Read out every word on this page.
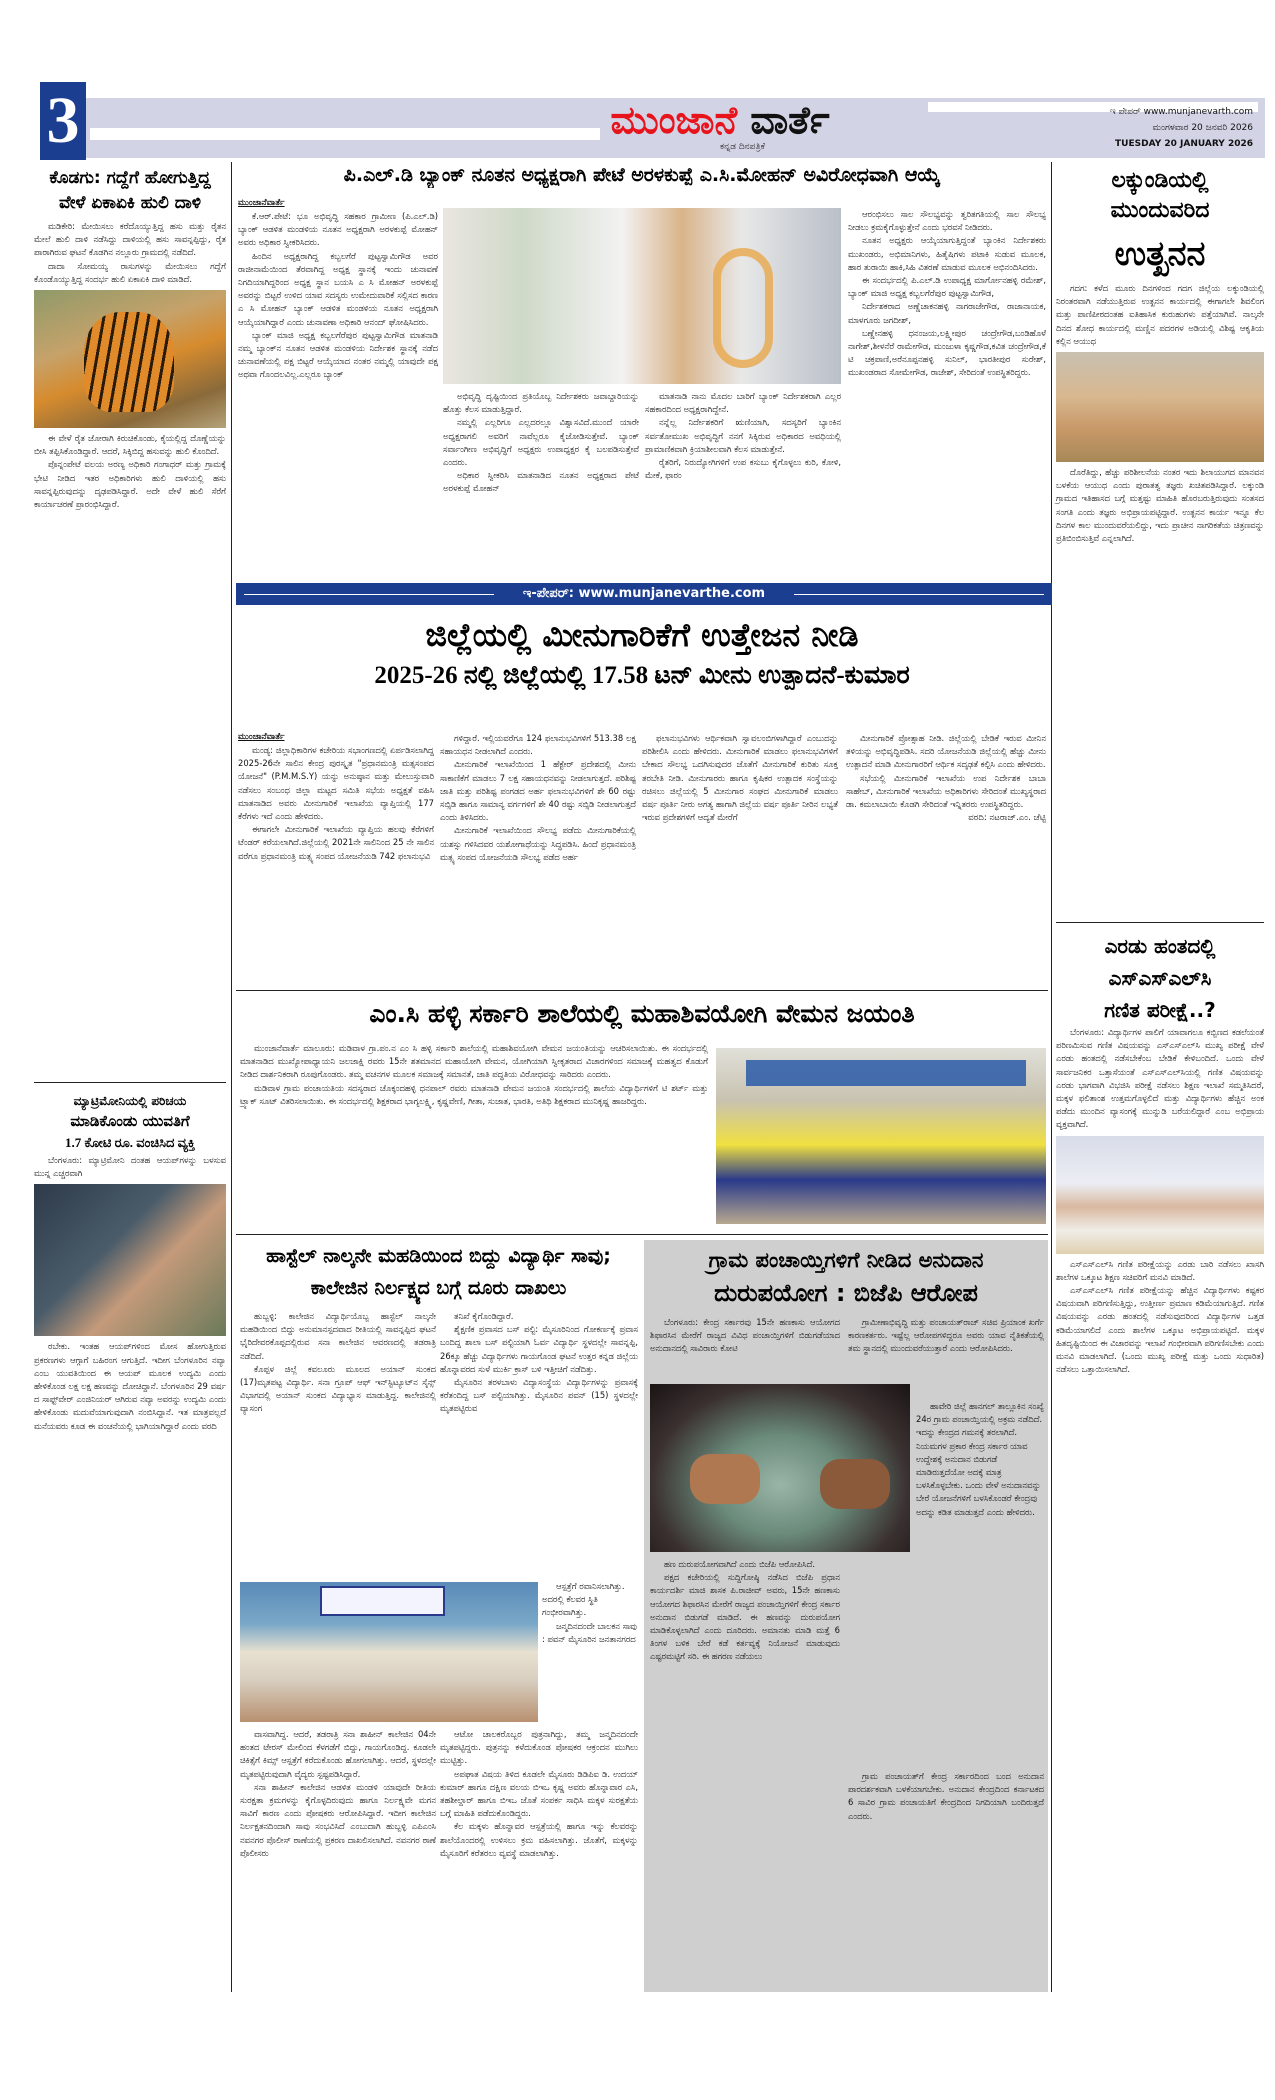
3	ಮುಂಜಾನೆ ವಾರ್ತೆ
ಕನ್ನಡ ದಿನಪತ್ರಿಕೆ
ಇ ಪೇಪರ್ www.munjanevarth.com
ಮಂಗಳವಾರ 20 ಜನವರಿ 2026
TUESDAY 20 JANUARY 2026
ಕೊಡಗು: ಗದ್ದೆಗೆ ಹೋಗುತ್ತಿದ್ದ ವೇಳೆ ಏಕಾಏಕಿ ಹುಲಿ ದಾಳಿ

ಮಡಿಕೇರಿ: ಮೇಯಿಸಲು ಕರೆದೊಯ್ಯುತ್ತಿದ್ದ ಹಸು ಮತ್ತು ರೈತನ ಮೇಲೆ ಹುಲಿ ದಾಳಿ ನಡೆಸಿದ್ದು ದಾಳಿಯಲ್ಲಿ ಹಸು ಸಾವನ್ನಪ್ಪಿದ್ದು, ರೈತ ಪಾರಾಗಿರುವ ಘಟನೆ ಕೊಡಗಿನ ನಲ್ಲೂರು ಗ್ರಾಮದಲ್ಲಿ ನಡೆದಿದೆ.

ದಾದಾ ಸೋಮಯ್ಯ ರಾಸುಗಳನ್ನು ಮೇಯಿಸಲು ಗದ್ದೆಗೆ ಕೊಂಡೊಯ್ಯುತ್ತಿದ್ದ ಸಂದರ್ಭ ಹುಲಿ ಏಕಾಏಕಿ ದಾಳಿ ಮಾಡಿದೆ.

ಈ ವೇಳೆ ರೈತ ಜೋರಾಗಿ ಕಿರುಚಿಕೊಂಡು, ಕೈಯಲ್ಲಿದ್ದ ದೊಣ್ಣೆಯನ್ನು ಬೀಸಿ ತಪ್ಪಿಸಿಕೊಂಡಿದ್ದಾರೆ. ಆದರೆ, ಸಿಕ್ಕಿಬಿದ್ದ ಹಸುವನ್ನು ಹುಲಿ ಕೊಂದಿದೆ.

ಪೊನ್ನಂಪೇಟೆ ವಲಯ ಅರಣ್ಯ ಅಧಿಕಾರಿ ಗಂಗಾಧರ್ ಮತ್ತು ಗ್ರಾಮಕ್ಕೆ ಭೇಟಿ ನೀಡಿದ ಇತರ ಅಧಿಕಾರಿಗಳು ಹುಲಿ ದಾಳಿಯಲ್ಲಿ ಹಸು ಸಾವನ್ನಪ್ಪಿರುವುದನ್ನು ದೃಢಪಡಿಸಿದ್ದಾರೆ. ಅದೇ ವೇಳೆ ಹುಲಿ ಸೆರೆಗೆ ಕಾರ್ಯಾಚರಣೆ ಪ್ರಾರಂಭಿಸಿದ್ದಾರೆ.

ಮ್ಯಾಟ್ರಿಮೋನಿಯಲ್ಲಿ ಪರಿಚಯ
ಮಾಡಿಕೊಂಡು ಯುವತಿಗೆ
1.7 ಕೋಟಿ ರೂ. ವಂಚಿಸಿದ ವ್ಯಕ್ತಿ

ಬೆಂಗಳೂರು: ಮ್ಯಾಟ್ರಿಮೋನಿ ದಂತಹ ಆಯಪ್‌ಗಳನ್ನು ಬಳಸುವ ಮುನ್ನ ಎಚ್ಚರವಾಗಿ

ರಬೇಕು. ಇಂತಹ ಆಯಪ್‌ಗಳಿಂದ ಮೋಸ ಹೋಗುತ್ತಿರುವ ಪ್ರಕರಣಗಳು ಆಗ್ಗಾಗೆ ಬಹಿರಂಗ ಆಗುತ್ತಿದೆ. ಇದೀಗ ಬೆಂಗಳೂರಿನ ನವ್ಯಾ ಎಂಬ ಯುವತಿಯಿಂದ ಈ ಆಯಪ್ ಮೂಲಕ ಉದ್ಯಮಿ ಎಂದು ಹೇಳಿಕೊಂಡ ಲಕ್ಷ ಲಕ್ಷ ಹಣವನ್ನು ದೋಚಿದ್ದಾನೆ. ಬೆಂಗಳೂರಿನ 29 ವರ್ಷ ದ ಸಾಫ್ಟ್‌ವೇರ್ ಎಂಜಿನಿಯರ್ ಆಗಿರುವ ನವ್ಯಾ ಅವರನ್ನು ಉದ್ಯಮಿ ಎಂದು ಹೇಳಿಕೊಂಡು ಮದುವೆಯಾಗುವುದಾಗಿ ನಂಬಿಸಿದ್ದಾನೆ. ಇತ ಮಾತ್ರವಲ್ಲದೆ ಮನೆಯವರು ಕೂಡ ಈ ವಂಚನೆಯಲ್ಲಿ ಭಾಗಿಯಾಗಿದ್ದಾರೆ ಎಂದು ವರದಿ

ಪಿ.ಎಲ್.ಡಿ ಬ್ಯಾಂಕ್ ನೂತನ ಅಧ್ಯಕ್ಷರಾಗಿ ಪೇಟೆ ಅರಳಕುಪ್ಪೆ ಎ.ಸಿ.ಮೋಹನ್ ಅವಿರೋಧವಾಗಿ ಆಯ್ಕೆ
ಮುಂಜಾನೆವಾರ್ತೆ

ಕೆ.ಆರ್.ಪೇಟೆ: ಭೂ ಅಭಿವೃದ್ಧಿ ಸಹಕಾರ ಗ್ರಾಮೀಣ (ಪಿ.ಎಲ್.ಡಿ) ಬ್ಯಾಂಕ್ ಆಡಳಿತ ಮಂಡಳಿಯ ನೂತನ ಅಧ್ಯಕ್ಷರಾಗಿ ಅರಳಕುಪ್ಪೆ ಮೋಹನ್ ಅವರು ಅಧಿಕಾರ ಸ್ವೀಕರಿಸಿದರು.

ಹಿಂದಿನ ಅಧ್ಯಕ್ಷರಾಗಿದ್ದ ಕಬ್ಬಲಗೆರೆ ಪುಟ್ಟಸ್ವಾಮಿಗೌಡ ಅವರ ರಾಜೀನಾಮೆಯಿಂದ ತೆರವಾಗಿದ್ದ ಅಧ್ಯಕ್ಷ ಸ್ಥಾನಕ್ಕೆ ಇಂದು ಚುನಾವಣೆ ನಿಗದಿಯಾಗಿದ್ದರಿಂದ ಅಧ್ಯಕ್ಷ ಸ್ಥಾನ ಬಯಸಿ ಎ ಸಿ ಮೋಹನ್ ಅರಳಕುಪ್ಪೆ ಅವರನ್ನು ಬಿಟ್ಟರೆ ಉಳಿದ ಯಾವ ಸದಸ್ಯರು ಉಮೇದುವಾರಿಕೆ ಸಲ್ಲಿಸದ ಕಾರಣ ಎ ಸಿ ಮೋಹನ್ ಬ್ಯಾಂಕ್ ಆಡಳಿತ ಮಂಡಳಿಯ ನೂತನ ಅಧ್ಯಕ್ಷರಾಗಿ ಆಯ್ಕೆಯಾಗಿದ್ದಾರೆ ಎಂದು ಚುನಾವಣಾ ಅಧಿಕಾರಿ ಆನಂದ್ ಘೋಷಿಸಿದರು.

ಬ್ಯಾಂಕ್ ಮಾಜಿ ಅಧ್ಯಕ್ಷ ಕಬ್ಬಲಗೆರೆಪುರ ಪುಟ್ಟಸ್ವಾಮಿಗೌಡ ಮಾತನಾಡಿ ನಮ್ಮ ಬ್ಯಾಂಕ್‌ನ ನೂತನ ಆಡಳಿತ ಮಂಡಳಿಯ ನಿರ್ದೇಶಕ ಸ್ಥಾನಕ್ಕೆ ನಡೆದ ಚುನಾವಣೆಯಲ್ಲಿ ಪಕ್ಷ ಬಿಟ್ಟರೆ ಆಯ್ಕೆಯಾದ ನಂತರ ನಮ್ಮಲ್ಲಿ ಯಾವುದೇ ಪಕ್ಷ ಅಥವಾ ಗೊಂದಲವಿಲ್ಲ.ಎಲ್ಲರೂ ಬ್ಯಾಂಕ್

ಅಭಿವೃದ್ಧಿ ದೃಷ್ಟಿಯಿಂದ ಪ್ರತಿಯೊಬ್ಬ ನಿರ್ದೇಶಕರು ಜವಾಬ್ದಾರಿಯನ್ನು ಹೊತ್ತು ಕೆಲಸ ಮಾಡುತ್ತಿದ್ದಾರೆ.

ನಮ್ಮಲ್ಲಿ ಎಲ್ಲರಿಗೂ ಎಲ್ಲದರಲ್ಲೂ ವಿಶ್ವಾಸವಿದೆ.ಮುಂದೆ ಯಾರೇ ಅಧ್ಯಕ್ಷರಾಗಲಿ ಅವರಿಗೆ ನಾವೆಲ್ಲರೂ ಕೈಜೋಡಿಸುತ್ತೇವೆ. ಬ್ಯಾಂಕ್ ಸರ್ವಾಂಗೀಣ ಅಭಿವೃದ್ಧಿಗೆ ಅಧ್ಯಕ್ಷರು ಉಪಾಧ್ಯಕ್ಷರ ಕೈ ಬಲಪಡಿಸುತ್ತೇವೆ ಎಂದರು.

ಅಧಿಕಾರ ಸ್ವೀಕರಿಸಿ ಮಾತನಾಡಿದ ನೂತನ ಅಧ್ಯಕ್ಷರಾದ ಪೇಟೆ ಅರಳಕುಪ್ಪೆ ಮೋಹನ್

ಮಾತನಾಡಿ ನಾನು ಮೊದಲ ಬಾರಿಗೆ ಬ್ಯಾಂಕ್ ನಿರ್ದೇಶಕರಾಗಿ ಎಲ್ಲರ ಸಹಕಾರದಿಂದ ಅಧ್ಯಕ್ಷರಾಗಿದ್ದೇನೆ.

ನನ್ನೆಲ್ಲ ನಿರ್ದೇಶಕರಿಗೆ ಋಣಿಯಾಗಿ, ಸದಸ್ಯರಿಗೆ ಬ್ಯಾಂಕಿನ ಸರ್ವತೋಮುಖ ಅಭಿವೃದ್ಧಿಗೆ ನನಗೆ ಸಿಕ್ಕಿರುವ ಅಧಿಕಾರದ ಅವಧಿಯಲ್ಲಿ ಪ್ರಾಮಾಣಿಕವಾಗಿ ಕ್ರಿಯಾಶೀಲವಾಗಿ ಕೆಲಸ ಮಾಡುತ್ತೇನೆ.

ರೈತರಿಗೆ, ನಿರುದ್ಯೋಗಿಗಳಿಗೆ ಉಪ ಕಸುಬು ಕೈಗೊಳ್ಳಲು ಕುರಿ, ಕೋಳಿ, ಮೇಕೆ, ಫಾರಂ

ಆರಂಭಿಸಲು ಸಾಲ ಸೌಲಭ್ಯವನ್ನು ತ್ವರಿತಗತಿಯಲ್ಲಿ ಸಾಲ ಸೌಲಭ್ಯ ನೀಡಲು ಕ್ರಮಕೈಗೊಳ್ಳುತ್ತೇನೆ ಎಂದು ಭರವಸೆ ನೀಡಿದರು.

ನೂತನ ಅಧ್ಯಕ್ಷರು ಆಯ್ಕೆಯಾಗುತ್ತಿದ್ದಂತೆ ಬ್ಯಾಂಕಿನ ನಿರ್ದೇಶಕರು ಮುಖಂಡರು, ಅಭಿಮಾನಿಗಳು, ಹಿತೈಷಿಗಳು ಪಟಾಕಿ ಸುಡುವ ಮೂಲಕ, ಹಾರ ತುರಾಯಿ ಹಾಕಿ,ಸಿಹಿ ವಿತರಣೆ ಮಾಡುವ ಮೂಲಕ ಅಭಿನಂದಿಸಿದರು.

ಈ ಸಂದರ್ಭದಲ್ಲಿ ಪಿ.ಎಲ್.ಡಿ ಉಪಾಧ್ಯಕ್ಷ ಮಾರ್ಗೋನಹಳ್ಳಿ ರಮೇಶ್, ಬ್ಯಾಂಕ್ ಮಾಜಿ ಅಧ್ಯಕ್ಷ ಕಬ್ಬಲಗೆರೆಪುರ ಪುಟ್ಟಸ್ವಾಮಿಗೌಡ,

ನಿರ್ದೇಶಕರಾದ ಅಣ್ಣೆಚಾಕನಹಳ್ಳಿ ನಾಗರಾಜೇಗೌಡ, ರಾಜಾನಾಯಕ, ಮಾಳಗೂರು ಜಗದೀಶ್,

ಬಣ್ಣೇನಹಳ್ಳಿ ಧನಂಜಯ,ಲಕ್ಷ್ಮೀಪುರ ಚಂದ್ರೇಗೌಡ,ಬಂಡಿಹೊಳೆ ನಾಗೇಶ್,ಶೀಳನೆರೆ ರಾಮೇಗೌಡ, ಮಂಜುಳಾ ಕೃಷ್ಣಗೌಡ,ಕವಿತ ಚಂದ್ರೇಗೌಡ,ಕೆ ಟಿ ಚಕ್ರಪಾಣಿ,ಅರೆನೂಪ್ಪನಹಳ್ಳಿ ಸುನಿಲ್, ಭಾರತೀಪುರ ಸುರೇಶ್, ಮುಖಂಡರಾದ ಸೋಮೇಗೌಡ, ರಾಜೇಶ್, ಸೇರಿದಂತೆ ಉಪಸ್ಥಿತರಿದ್ದರು.

ಇ-ಪೇಪರ್: www.munjanevarthe.com
ಜಿಲ್ಲೆಯಲ್ಲಿ ಮೀನುಗಾರಿಕೆಗೆ ಉತ್ತೇಜನ ನೀಡಿ
2025-26 ನಲ್ಲಿ ಜಿಲ್ಲೆಯಲ್ಲಿ 17.58 ಟನ್ ಮೀನು ಉತ್ಪಾದನೆ-ಕುಮಾರ
ಮುಂಜಾನೆವಾರ್ತೆ

ಮಂಡ್ಯ: ಜಿಲ್ಲಾಧಿಕಾರಿಗಳ ಕಚೇರಿಯ ಸಭಾಂಗಣದಲ್ಲಿ ಏರ್ಪಡಿಸಲಾಗಿದ್ದ 2025-26ನೇ ಸಾಲಿನ ಕೇಂದ್ರ ಪುರಸ್ಕೃತ "ಪ್ರಧಾನಮಂತ್ರಿ ಮತ್ಸಸಂಪದ ಯೋಜನೆ" (P.M.M.S.Y) ಯನ್ನು ಅನುಷ್ಠಾನ ಮತ್ತು ಮೇಲುಸ್ತುವಾರಿ ನಡೆಸಲು ಸಂಬಂಧ ಜಿಲ್ಲಾ ಮಟ್ಟದ ಸಮಿತಿ ಸಭೆಯ ಅಧ್ಯಕ್ಷತೆ ವಹಿಸಿ ಮಾತನಾಡಿದ ಅವರು ಮೀನುಗಾರಿಕೆ ಇಲಾಖೆಯ ವ್ಯಾಪ್ತಿಯಲ್ಲಿ 177 ಕೆರೆಗಳು ಇದೆ ಎಂದು ಹೇಳಿದರು.

ಈಗಾಗಲೇ ಮೀನುಗಾರಿಕೆ ಇಲಾಖೆಯ ವ್ಯಾಪ್ತಿಯ ಹಲವು ಕೆರೆಗಳಿಗೆ ಟೆಂಡರ್ ಕರೆಯಲಾಗಿದೆ.ಜಿಲ್ಲೆಯಲ್ಲಿ 2021ನೇ ಸಾಲಿನಿಂದ 25 ನೇ ಸಾಲಿನ ವರೆಗೂ ಪ್ರಧಾನಮಂತ್ರಿ ಮತ್ಸ್ಯ ಸಂಪದ ಯೋಜನೆಯಡಿ 742 ಫಲಾನುಭವಿ

ಗಳಿದ್ದಾರೆ. ಇಲ್ಲಿಯವರೆಗೂ 124 ಫಲಾನುಭವಿಗಳಿಗೆ 513.38 ಲಕ್ಷ ಸಹಾಯಧನ ನೀಡಲಾಗಿದೆ ಎಂದರು.

ಮೀನುಗಾರಿಕೆ ಇಲಾಖೆಯಿಂದ 1 ಹೆಕ್ಟೇರ್ ಪ್ರದೇಶದಲ್ಲಿ ಮೀನು ಸಾಕಾಣಿಕೆಗೆ ಮಾಡಲು 7 ಲಕ್ಷ ಸಹಾಯಧನವನ್ನು ನೀಡಲಾಗುತ್ತದೆ. ಪರಿಶಿಷ್ಟ ಜಾತಿ ಮತ್ತು ಪರಿಶಿಷ್ಟ ಪಂಗಡದ ಅರ್ಹ ಫಲಾನುಭವಿಗಳಿಗೆ ಶೇ 60 ರಷ್ಟು ಸಬ್ಸಿಡಿ ಹಾಗೂ ಸಾಮಾನ್ಯ ವರ್ಗಗಳಿಗೆ ಶೇ 40 ರಷ್ಟು ಸಬ್ಸಿಡಿ ನೀಡಲಾಗುತ್ತದೆ ಎಂದು ತಿಳಿಸಿದರು.

ಮೀನುಗಾರಿಕೆ ಇಲಾಖೆಯಿಂದ ಸೌಲಭ್ಯ ಪಡೆದು ಮೀನುಗಾರಿಕೆಯಲ್ಲಿ ಯಶಸ್ಸು ಗಳಿಸಿದವರ ಯಶೋಗಾಥೆಯನ್ನು ಸಿದ್ಧಪಡಿಸಿ. ಹಿಂದೆ ಪ್ರಧಾನಮಂತ್ರಿ ಮತ್ಸ್ಯ ಸಂಪದ ಯೋಜನೆಯಡಿ ಸೌಲಭ್ಯ ಪಡೆದ ಅರ್ಹ

ಫಲಾನುಭವಿಗಳು ಆರ್ಥಿಕವಾಗಿ ಸ್ವಾವಲಂಬಿಗಳಾಗಿದ್ದಾರೆ ಎಂಬುದನ್ನು ಪರಿಶೀಲಿಸಿ ಎಂದು ಹೇಳಿದರು. ಮೀನುಗಾರಿಕೆ ಮಾಡಲು ಫಲಾನುಭವಿಗಳಿಗೆ ಬೇಕಾದ ಸೌಲಭ್ಯ ಒದಗಿಸುವುದರ ಜೊತೆಗೆ ಮೀನುಗಾರಿಕೆ ಕುರಿತು ಸೂಕ್ತ ತರಬೇತಿ ನೀಡಿ. ಮೀನುಗಾರರು ಹಾಗೂ ಕೃಷಿಕರ ಉತ್ಪಾದಕ ಸಂಸ್ಥೆಯನ್ನು ರಚಿಸಲು ಜಿಲ್ಲೆಯಲ್ಲಿ 5 ಮೀನುಗಾರ ಸಂಘದ ಮೀನುಗಾರಿಕೆ ಮಾಡಲು ವರ್ಷ ಪೂರ್ತಿ ನೀರು ಅಗತ್ಯ ಹಾಗಾಗಿ ಜಿಲ್ಲೆಯ ವರ್ಷ ಪೂರ್ತಿ ನೀರಿನ ಲಭ್ಯತೆ ಇರುವ ಪ್ರದೇಶಗಳಿಗೆ ಆದ್ಯತೆ ಮೇರೆಗೆ

ಮೀನುಗಾರಿಕೆ ಪ್ರೋತ್ಸಾಹ ನೀಡಿ. ಜಿಲ್ಲೆಯಲ್ಲಿ ಬೇಡಿಕೆ ಇರುವ ಮೀನಿನ ತಳಿಯನ್ನು ಅಭಿವೃದ್ಧಿಪಡಿಸಿ. ಸದರಿ ಯೋಜನೆಯಡಿ ಜಿಲ್ಲೆಯಲ್ಲಿ ಹೆಚ್ಚು ಮೀನು ಉತ್ಪಾದನೆ ಮಾಡಿ ಮೀನುಗಾರರಿಗೆ ಆರ್ಥಿಕ ಸದೃಢತೆ ಕಲ್ಪಿಸಿ ಎಂದು ಹೇಳಿದರು.

ಸಭೆಯಲ್ಲಿ ಮೀನುಗಾರಿಕೆ ಇಲಾಖೆಯ ಉಪ ನಿರ್ದೇಶಕ ಬಾಬಾ ಸಾಹೇಬ್, ಮೀನುಗಾರಿಕೆ ಇಲಾಖೆಯ ಅಧಿಕಾರಿಗಳು ಸೇರಿದಂತೆ ಮುಖ್ಯಸ್ಥರಾದ ಡಾ. ಕಮಲಾಬಾಯಿ ಕೊಡಗಿ ಸೇರಿದಂತೆ ಇನ್ನಿತರರು ಉಪಸ್ಥಿತರಿದ್ದರು.

ವರದಿ: ನಟರಾಜ್.ಎಂ. ಚೆಟ್ಟಿ

ಎಂ.ಸಿ ಹಳ್ಳಿ ಸರ್ಕಾರಿ ಶಾಲೆಯಲ್ಲಿ ಮಹಾಶಿವಯೋಗಿ ವೇಮನ ಜಯಂತಿ

ಮುಂಜಾನೆವಾರ್ತೆ ಮಾಲೂರು: ಮಡಿವಾಳ ಗ್ರಾ.ಪಂ.ನ ಎಂ ಸಿ ಹಳ್ಳಿ ಸರ್ಕಾರಿ ಶಾಲೆಯಲ್ಲಿ ಮಹಾಶಿವಯೋಗಿ ವೇಮನ ಜಯಂತಿಯನ್ನು ಆಚರಿಸಲಾಯಿತು. ಈ ಸಂದರ್ಭದಲ್ಲಿ ಮಾತನಾಡಿದ ಮುಖ್ಯೋಪಾಧ್ಯಾಯನಿ ಜಲಜಾಕ್ಷಿ ರವರು 15ನೇ ಶತಮಾನದ ಮಹಾಯೋಗಿ ವೇಮನ, ಯೋಗಿಯಾಗಿ ಸ್ವೀಕೃತರಾದ ವಿಚಾರಗಳಿಂದ ಸಮಾಜಕ್ಕೆ ಮಹತ್ವದ ಕೊಡುಗೆ ನೀಡಿದ ದಾರ್ಶನಿಕರಾಗಿ ರೂಪುಗೊಂಡರು. ತಮ್ಮ ವಚನಗಳ ಮೂಲಕ ಸಮಾಜಕ್ಕೆ ಸಮಾನತೆ, ಜಾತಿ ಪದ್ಧತಿಯ ವಿರೋಧವನ್ನು ಸಾರಿದರು ಎಂದರು.

ಮಡಿವಾಳ ಗ್ರಾಮ ಪಂಚಾಯತಿಯ ಸದಸ್ಯರಾದ ಚೊಕ್ಕಂದಹಳ್ಳಿ ಧನಪಾಲ್ ರವರು ಮಾತನಾಡಿ ವೇಮನ ಜಯಂತಿ ಸಂದರ್ಭದಲ್ಲಿ ಶಾಲೆಯ ವಿದ್ಯಾರ್ಥಿಗಳಿಗೆ ಟಿ ಶರ್ಟ್ ಮತ್ತು ಟ್ರ್ಯಾಕ್ ಸೂಟ್ ವಿತರಿಸಲಾಯಿತು. ಈ ಸಂದರ್ಭದಲ್ಲಿ ಶಿಕ್ಷಕರಾದ ಭಾಗ್ಯಲಕ್ಷ್ಮಿ, ಕೃಷ್ಣವೇಣಿ, ಗೀತಾ, ಸುಜಾತ, ಭಾರತಿ, ಅತಿಥಿ ಶಿಕ್ಷಕರಾದ ಮುನಿಕೃಷ್ಣ ಹಾಜರಿದ್ದರು.

ಹಾಸ್ಟೆಲ್ ನಾಲ್ಕನೇ ಮಹಡಿಯಿಂದ ಬಿದ್ದು ವಿದ್ಯಾರ್ಥಿ ಸಾವು; ಕಾಲೇಜಿನ ನಿರ್ಲಕ್ಷ್ಯದ ಬಗ್ಗೆ ದೂರು ದಾಖಲು

ಹುಬ್ಬಳ್ಳಿ: ಕಾಲೇಜಿನ ವಿದ್ಯಾರ್ಥಿಯೊಬ್ಬ ಹಾಸ್ಟೆಲ್ ನಾಲ್ಕನೇ ಮಹಡಿಯಿಂದ ಬಿದ್ದು ಅನುಮಾನಸ್ಪದವಾದ ರೀತಿಯಲ್ಲಿ ಸಾವನ್ನಪ್ಪಿದ ಘಟನೆ ಭೈರಿದೇವರಕೊಪ್ಪದಲ್ಲಿರುವ ಸನಾ ಕಾಲೇಜಿನ ಆವರಣದಲ್ಲಿ ತಡರಾತ್ರಿ ನಡೆದಿದೆ.

ಕೊಪ್ಪಳ ಜಿಲ್ಲೆ ಕವಲೂರು ಮೂಲದ ಅಯಾನ್ ಸುಂಕದ (17)ಮೃತಪಟ್ಟ ವಿದ್ಯಾರ್ಥಿ. ಸನಾ ಗ್ರೂಪ್ ಆಫ್ ಇನ್‌ಸ್ಟಿಟ್ಯೂಟ್‌ನ ಸೈನ್ಸ್ ವಿಭಾಗದಲ್ಲಿ ಅಯಾನ್ ಸುಂಕದ ವಿದ್ಯಾಭ್ಯಾಸ ಮಾಡುತ್ತಿದ್ದ. ಕಾಲೇಜಿನಲ್ಲಿ ವ್ಯಾಸಂಗ

ತನಿಖೆ ಕೈಗೊಂಡಿದ್ದಾರೆ.

ಶೈಕ್ಷಣಿಕ ಪ್ರವಾಸದ ಬಸ್ ಪಲ್ಟಿ: ಮೈಸೂರಿನಿಂದ ಗೋಕರ್ಣಕ್ಕೆ ಪ್ರವಾಸ ಬಂದಿದ್ದ ಶಾಲಾ ಬಸ್ ಪಲ್ಟಿಯಾಗಿ ಓರ್ವ ವಿದ್ಯಾರ್ಥಿ ಸ್ಥಳದಲ್ಲೇ ಸಾವನ್ನಪ್ಪಿ, 26ಕ್ಕೂ ಹೆಚ್ಚು ವಿದ್ಯಾರ್ಥಿಗಳು ಗಾಯಗೊಂಡ ಘಟನೆ ಉತ್ತರ ಕನ್ನಡ ಜಿಲ್ಲೆಯ ಹೊನ್ನಾವರದ ಸುಳೆ ಮುರ್ಕಿ ಕ್ರಾಸ್ ಬಳಿ ಇತ್ತೀಚಿಗೆ ನಡೆದಿತ್ತು.

ಮೈಸೂರಿನ ತರಳಬಾಳು ವಿದ್ಯಾಸಂಸ್ಥೆಯ ವಿದ್ಯಾರ್ಥಿಗಳನ್ನು ಪ್ರವಾಸಕ್ಕೆ ಕರೆತಂದಿದ್ದ ಬಸ್ ಪಲ್ಟಿಯಾಗಿತ್ತು. ಮೈಸೂರಿನ ಪವನ್ (15) ಸ್ಥಳದಲ್ಲೇ ಮೃತಪಟ್ಟಿರುವ

ಆಸ್ಪತ್ರೆಗೆ ರವಾನಿಸಲಾಗಿತ್ತು. ಅದರಲ್ಲಿ ಕೆಲವರ ಸ್ಥಿತಿ ಗಂಭೀರವಾಗಿತ್ತು.

ಜನ್ಮದಿನದಂದೇ ಬಾಲಕನ ಸಾವು : ಪವನ್ ಮೈಸೂರಿನ ಜನತಾನಗರದ

ವಾಸವಾಗಿದ್ದ. ಆದರೆ, ತಡರಾತ್ರಿ ಸನಾ ಶಾಹೀನ್ ಕಾಲೇಜಿನ 04ನೇ ಹಂತದ ಟೇರಸ್ ಮೇಲಿಂದ ಕೆಳಗಡೆಗೆ ಬಿದ್ದು, ಗಾಯಗೊಂಡಿದ್ದ. ಕೂಡಲೇ ಚಿಕಿತ್ಸೆಗೆ ಕಿಮ್ಸ್ ಆಸ್ಪತ್ರೆಗೆ ಕರೆದುಕೊಂಡು ಹೋಗಲಾಗಿತ್ತು. ಆದರೆ, ಸ್ಥಳದಲ್ಲೇ ಮೃತಪಟ್ಟಿರುವುದಾಗಿ ವೈದ್ಯರು ಸ್ಪಷ್ಟಪಡಿಸಿದ್ದಾರೆ.

ಸನಾ ಶಾಹೀನ್ ಕಾಲೇಜಿನ ಆಡಳಿತ ಮಂಡಳಿ ಯಾವುದೇ ರೀತಿಯ ಸುರಕ್ಷತಾ ಕ್ರಮಗಳನ್ನು ಕೈಗೊಳ್ಳದಿರುವುದು ಹಾಗೂ ನಿರ್ಲಕ್ಷ್ಯವೇ ಮಗನ ಸಾವಿಗೆ ಕಾರಣ ಎಂದು ಪೋಷಕರು ಆರೋಪಿಸಿದ್ದಾರೆ. ಇದೀಗ ಕಾಲೇಜಿನ ನಿರ್ಲಕ್ಷತನದಿಂದಾಗಿ ಸಾವು ಸಂಭವಿಸಿದೆ ಎಂಬುದಾಗಿ ಹುಬ್ಬಳ್ಳಿ ಎಪಿಎಂಸಿ ನವನಗರ ಪೊಲೀಸ್ ಠಾಣೆಯಲ್ಲಿ ಪ್ರಕರಣ ದಾಖಲಿಸಲಾಗಿದೆ. ನವನಗರ ಠಾಣೆ ಪೊಲೀಸರು

ಆಟೋ ಚಾಲಕರೊಬ್ಬರ ಪುತ್ರನಾಗಿದ್ದು, ತಮ್ಮ ಜನ್ಮದಿನದಂದೇ ಮೃತಪಟ್ಟಿದ್ದರು. ಪುತ್ರನನ್ನು ಕಳೆದುಕೊಂಡ ಪೋಷಕರ ಆಕ್ರಂದನ ಮುಗಿಲು ಮುಟ್ಟಿತ್ತು.

ಅಪಘಾತ ವಿಷಯ ತಿಳಿದ ಕೂಡಲೇ ಮೈಸೂರು ಡಿಡಿಪಿಐ ಡಿ. ಉದಯ್ ಕುಮಾರ್ ಹಾಗೂ ದಕ್ಷಿಣ ವಲಯ ಬಿಇಒ ಕೃಷ್ಣ ಅವರು ಹೊನ್ನಾವಾರ ಎಸಿ, ತಹಶೀಲ್ದಾರ್ ಹಾಗೂ ಬಿಇಒ ಜೊತೆ ಸಂಪರ್ಕ ಸಾಧಿಸಿ ಮಕ್ಕಳ ಸುರಕ್ಷತೆಯ ಬಗ್ಗೆ ಮಾಹಿತಿ ಪಡೆದುಕೊಂಡಿದ್ದರು.

ಕೆಲ ಮಕ್ಕಳು ಹೊನ್ನಾವರ ಆಸ್ಪತ್ರೆಯಲ್ಲಿ ಹಾಗೂ ಇನ್ನು ಕೆಲವರನ್ನು ಶಾಲೆಯೊಂದರಲ್ಲಿ ಉಳಿಸಲು ಕ್ರಮ ವಹಿಸಲಾಗಿತ್ತು. ಜೊತೆಗೆ, ಮಕ್ಕಳನ್ನು ಮೈಸೂರಿಗೆ ಕರೆತರಲು ವ್ಯವಸ್ಥೆ ಮಾಡಲಾಗಿತ್ತು.

ಗ್ರಾಮ ಪಂಚಾಯ್ತಿಗಳಿಗೆ ನೀಡಿದ ಅನುದಾನ
ದುರುಪಯೋಗ : ಬಿಜೆಪಿ ಆರೋಪ

ಬೆಂಗಳೂರು: ಕೇಂದ್ರ ಸರ್ಕಾರವು 15ನೇ ಹಣಕಾಸು ಆಯೋಗದ ಶಿಫಾರಸಿನ ಮೇರೆಗೆ ರಾಜ್ಯದ ವಿವಿಧ ಪಂಚಾಯ್ತಿಗಳಿಗೆ ಬಿಡುಗಡೆಯಾದ ಅನುದಾನದಲ್ಲಿ ಸಾವಿರಾರು ಕೋಟಿ

ಹಣ ದುರುಪಯೋಗವಾಗಿದೆ ಎಂದು ಬಿಜೆಪಿ ಆರೋಪಿಸಿದೆ.

ಪಕ್ಷದ ಕಚೇರಿಯಲ್ಲಿ ಸುದ್ದಿಗೋಷ್ಠಿ ನಡೆಸಿದ ಬಿಜೆಪಿ ಪ್ರಧಾನ ಕಾರ್ಯದರ್ಶಿ ಮಾಜಿ ಶಾಸಕ ಪಿ.ರಾಜೀವ್ ಅವರು, 15ನೇ ಹಣಕಾಸು ಆಯೋಗದ ಶಿಫಾರಸಿನ ಮೇರೆಗೆ ರಾಜ್ಯದ ಪಂಚಾಯ್ತಿಗಳಿಗೆ ಕೇಂದ್ರ ಸರ್ಕಾರ ಅನುದಾನ ಬಿಡುಗಡೆ ಮಾಡಿದೆ. ಈ ಹಣವನ್ನು ದುರುಪಯೋಗ ಮಾಡಿಕೊಳ್ಳಲಾಗಿದೆ ಎಂದು ದೂರಿದರು. ಅಮಾನತು ಮಾಡಿ ಮತ್ತೆ 6 ತಿಂಗಳ ಬಳಿಕ ಬೇರೆ ಕಡೆ ಕರ್ತವ್ಯಕ್ಕೆ ನಿಯೋಜನೆ ಮಾಡುವುದು ಎಷ್ಟರಮಟ್ಟಿಗೆ ಸರಿ. ಈ ಹಗರಣ ನಡೆಯಲು

ಗ್ರಾಮೀಣಾಭಿವೃದ್ಧಿ ಮತ್ತು ಪಂಚಾಯತ್‌ರಾಜ್ ಸಚಿವ ಪ್ರಿಯಾಂಕ ಖರ್ಗೆ ಕಾರಣಕರ್ತರು. ಇಷ್ಟೆಲ್ಲ ಆರೋಪಗಳಿದ್ದರೂ ಅವರು ಯಾವ ನೈತಿಕತೆಯಲ್ಲಿ ತಮ ಸ್ಥಾನದಲ್ಲಿ ಮುಂದುವರೆಯುತ್ತಾರೆ ಎಂದು ಆರೋಪಿಸಿದರು.

ಹಾವೇರಿ ಜಿಲ್ಲೆ ಹಾನಗಲ್ ತಾಲ್ಲೂಕಿನ ಸಂಖ್ಯೆ 24ರ ಗ್ರಾಮ ಪಂಚಾಯ್ತಿಯಲ್ಲಿ ಅಕ್ರಮ ನಡೆದಿದೆ. ಇದನ್ನು ಕೇಂದ್ರದ ಗಮನಕ್ಕೆ ತರಲಾಗಿದೆ. ನಿಯಮಗಳ ಪ್ರಕಾರ ಕೇಂದ್ರ ಸರ್ಕಾರ ಯಾವ ಉದ್ದೇಶಕ್ಕೆ ಅನುದಾನ ಬಿಡುಗಡೆ ಮಾಡಿರುತ್ತದೆಯೋ ಅದಕ್ಕೆ ಮಾತ್ರ ಬಳಸಿಕೊಳ್ಳಬೇಕು. ಒಂದು ವೇಳೆ ಅನುದಾನವನ್ನು ಬೇರೆ ಯೋಜನೆಗಳಿಗೆ ಬಳಸಿಕೊಂಡರೆ ಕೇಂದ್ರವು ಅದನ್ನು ಕಡಿತ ಮಾಡುತ್ತದೆ ಎಂದು ಹೇಳಿದರು.

ಗ್ರಾಮ ಪಂಚಾಯತ್‌ಗೆ ಕೇಂದ್ರ ಸರ್ಕಾರದಿಂದ ಬಂದ ಅನುದಾನ ಪಾರದರ್ಶಕವಾಗಿ ಬಳಕೆಯಾಗಬೇಕು. ಅನುದಾನ ಕೇಂದ್ರದಿಂದ ಕರ್ನಾಟಕದ 6 ಸಾವಿರ ಗ್ರಾಮ ಪಂಚಾಯತಿಗೆ ಕೇಂದ್ರದಿಂದ ನಿಗದಿಯಾಗಿ ಬಂದಿರುತ್ತದೆ ಎಂದರು.

ಲಕ್ಕುಂಡಿಯಲ್ಲಿ
ಮುಂದುವರಿದ
ಉತ್ಖನನ

ಗದಗ: ಕಳೆದ ಮೂರು ದಿನಗಳಿಂದ ಗದಗ ಜಿಲ್ಲೆಯ ಲಕ್ಕುಂಡಿಯಲ್ಲಿ ನಿರಂತರವಾಗಿ ನಡೆಯುತ್ತಿರುವ ಉತ್ಖನನ ಕಾರ್ಯದಲ್ಲಿ ಈಗಾಗಲೇ ಶಿವಲಿಂಗ ಮತ್ತು ಪಾಣಿಪೀಠದಂತಹ ಐತಿಹಾಸಿಕ ಕುರುಹುಗಳು ಪತ್ತೆಯಾಗಿವೆ. ನಾಲ್ಕನೇ ದಿನದ ಶೋಧ ಕಾರ್ಯದಲ್ಲಿ ಮಣ್ಣಿನ ಪದರಗಳ ಅಡಿಯಲ್ಲಿ ವಿಶಿಷ್ಟ ಆಕೃತಿಯ ಕಲ್ಲಿನ ಆಯುಧ

ದೊರೆತಿದ್ದು, ಹೆಚ್ಚು ಪರಿಶೀಲನೆಯ ನಂತರ ಇದು ಶಿಲಾಯುಗದ ಮಾನವನ ಬಳಕೆಯ ಆಯುಧ ಎಂದು ಪುರಾತತ್ವ ತಜ್ಞರು ಖಚಿತಪಡಿಸಿದ್ದಾರೆ. ಲಕ್ಕುಂಡಿ ಗ್ರಾಮದ ಇತಿಹಾಸದ ಬಗ್ಗೆ ಮತ್ತಷ್ಟು ಮಾಹಿತಿ ಹೊರಬರುತ್ತಿರುವುದು ಸಂತಸದ ಸಂಗತಿ ಎಂದು ತಜ್ಞರು ಅಭಿಪ್ರಾಯಪಟ್ಟಿದ್ದಾರೆ. ಉತ್ಖನನ ಕಾರ್ಯ ಇನ್ನೂ ಕೆಲ ದಿನಗಳ ಕಾಲ ಮುಂದುವರೆಯಲಿದ್ದು, ಇದು ಪ್ರಾಚೀನ ನಾಗರಿಕತೆಯ ಚಿತ್ರಣವನ್ನು ಪ್ರತಿಬಿಂಬಿಸುತ್ತಿವೆ ಎನ್ನಲಾಗಿದೆ.

ಎರಡು ಹಂತದಲ್ಲಿ
ಎಸ್‌ಎಸ್‌ಎಲ್‌ಸಿ
ಗಣಿತ ಪರೀಕ್ಷೆ..?

ಬೆಂಗಳೂರು: ವಿದ್ಯಾರ್ಥಿಗಳ ಪಾಲಿಗೆ ಯಾವಾಗಲೂ ಕಬ್ಬಿಣದ ಕಡಲೆಯಂತೆ ಪರಿಣಮಿಸುವ ಗಣಿತ ವಿಷಯವನ್ನು ಎಸ್‌ಎಸ್‌ಎಲ್‌ಸಿ ಮುಖ್ಯ ಪರೀಕ್ಷೆ ವೇಳೆ ಎರಡು ಹಂತದಲ್ಲಿ ನಡೆಸಬೇಕೆಂಬ ಬೇಡಿಕೆ ಕೇಳಿಬಂದಿದೆ. ಒಂದು ವೇಳೆ ಸಾರ್ವಜನಿಕರ ಒತ್ತಾಸೆಯಂತೆ ಎಸ್‌ಎಸ್‌ಎಲ್‌ಸಿಯಲ್ಲಿ ಗಣಿತ ವಿಷಯವನ್ನು ಎರಡು ಭಾಗವಾಗಿ ವಿಭಜಿಸಿ ಪರೀಕ್ಷೆ ನಡೆಸಲು ಶಿಕ್ಷಣ ಇಲಾಖೆ ಸಮ್ಮತಿಸಿದರೆ, ಮಕ್ಕಳ ಫಲಿತಾಂಶ ಉತ್ತಮಗೊಳ್ಳಲಿದೆ ಮತ್ತು ವಿದ್ಯಾರ್ಥಿಗಳು ಹೆಚ್ಚಿನ ಅಂಕ ಪಡೆದು ಮುಂದಿನ ವ್ಯಾಸಂಗಕ್ಕೆ ಮುನ್ನುಡಿ ಬರೆಯಲಿದ್ದಾರೆ ಎಂಬ ಅಭಿಪ್ರಾಯ ವ್ಯಕ್ತವಾಗಿದೆ.

ಎಸ್‌ಎಸ್‌ಎಲ್‌ಸಿ ಗಣಿತ ಪರೀಕ್ಷೆಯನ್ನು ಎರಡು ಬಾರಿ ನಡೆಸಲು ಖಾಸಗಿ ಶಾಲೆಗಳ ಒಕ್ಕೂಟ ಶಿಕ್ಷಣ ಸಚಿವರಿಗೆ ಮನವಿ ಮಾಡಿದೆ.

ಎಸ್‌ಎಸ್‌ಎಲ್‌ಸಿ ಗಣಿತ ಪರೀಕ್ಷೆಯನ್ನು ಹೆಚ್ಚಿನ ವಿದ್ಯಾರ್ಥಿಗಳು ಕಷ್ಟಕರ ವಿಷಯವಾಗಿ ಪರಿಗಣಿಸುತ್ತಿದ್ದು, ಉತ್ತೀರ್ಣ ಪ್ರಮಾಣ ಕಡಿಮೆಯಾಗುತ್ತಿದೆ. ಗಣಿತ ವಿಷಯವನ್ನು ಎರಡು ಹಂತದಲ್ಲಿ ನಡೆಸುವುದರಿಂದ ವಿದ್ಯಾರ್ಥಿಗಳ ಒತ್ತಡ ಕಡಿಮೆಯಾಗಲಿದೆ ಎಂದು ಶಾಲೆಗಳ ಒಕ್ಕೂಟ ಅಭಿಪ್ರಾಯಪಟ್ಟಿದೆ. ಮಕ್ಕಳ ಹಿತದೃಷ್ಟಿಯಿಂದ ಈ ವಿಚಾರವನ್ನು ಇಲಾಖೆ ಗಂಭೀರವಾಗಿ ಪರಿಗಣಿಸಬೇಕು ಎಂದು ಮನವಿ ಮಾಡಲಾಗಿದೆ. (ಒಂದು ಮುಖ್ಯ ಪರೀಕ್ಷೆ ಮತ್ತು ಒಂದು ಸುಧಾರಿತ) ನಡೆಸಲು ಒತ್ತಾಯಿಸಲಾಗಿದೆ.
